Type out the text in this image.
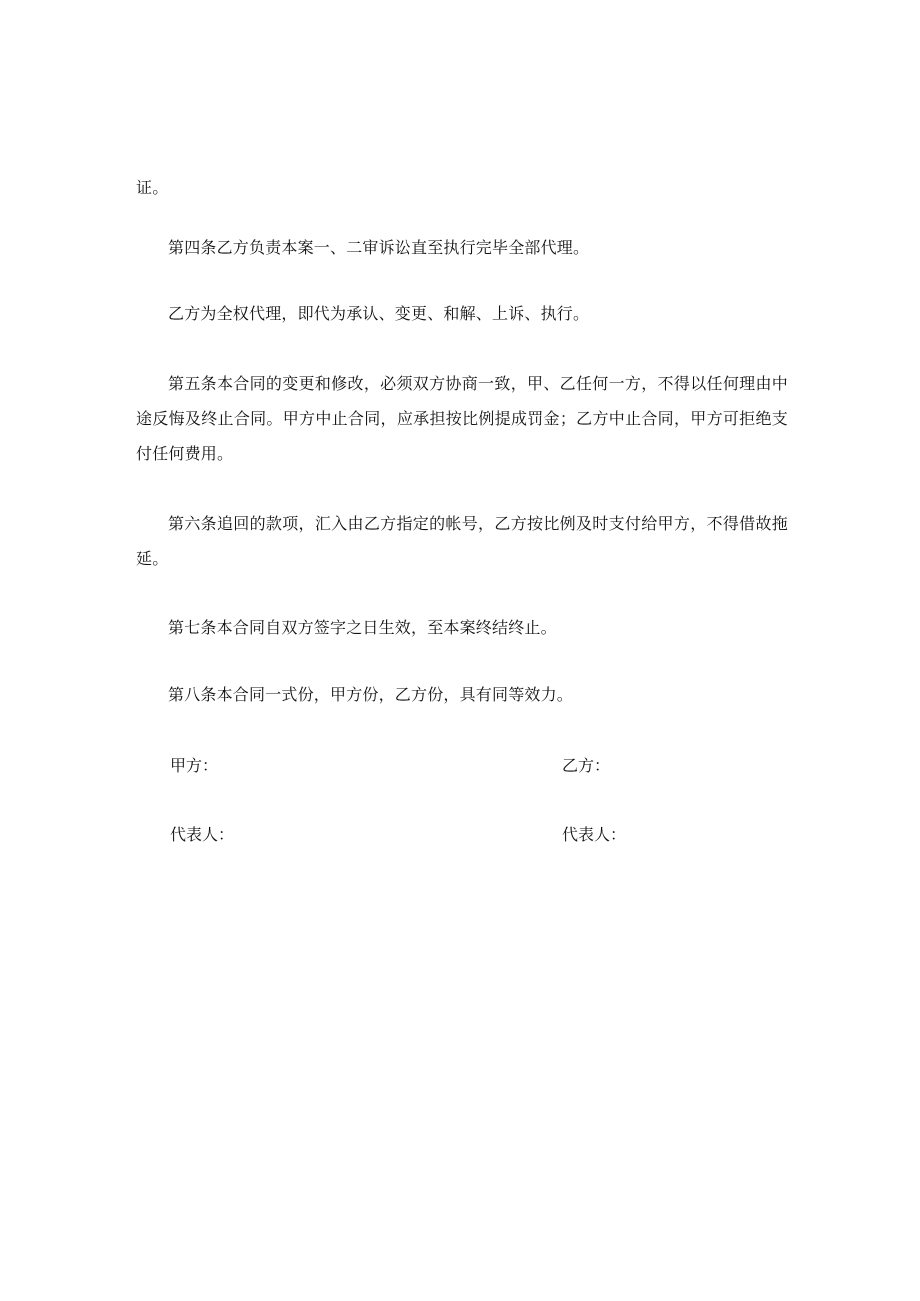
证。
第四条乙方负责本案一、二审诉讼直至执行完毕全部代理。
乙方为全权代理，即代为承认、变更、和解、上诉、执行。
第五条本合同的变更和修改，必须双方协商一致，甲、乙任何一方，不得以任何理由中途反悔及终止合同。甲方中止合同，应承担按比例提成罚金；乙方中止合同，甲方可拒绝支付任何费用。
第六条追回的款项，汇入由乙方指定的帐号，乙方按比例及时支付给甲方，不得借故拖延。
第七条本合同自双方签字之日生效，至本案终结终止。
第八条本合同一式份，甲方份，乙方份，具有同等效力。
甲方：	乙方：
代表人：	代表人：
